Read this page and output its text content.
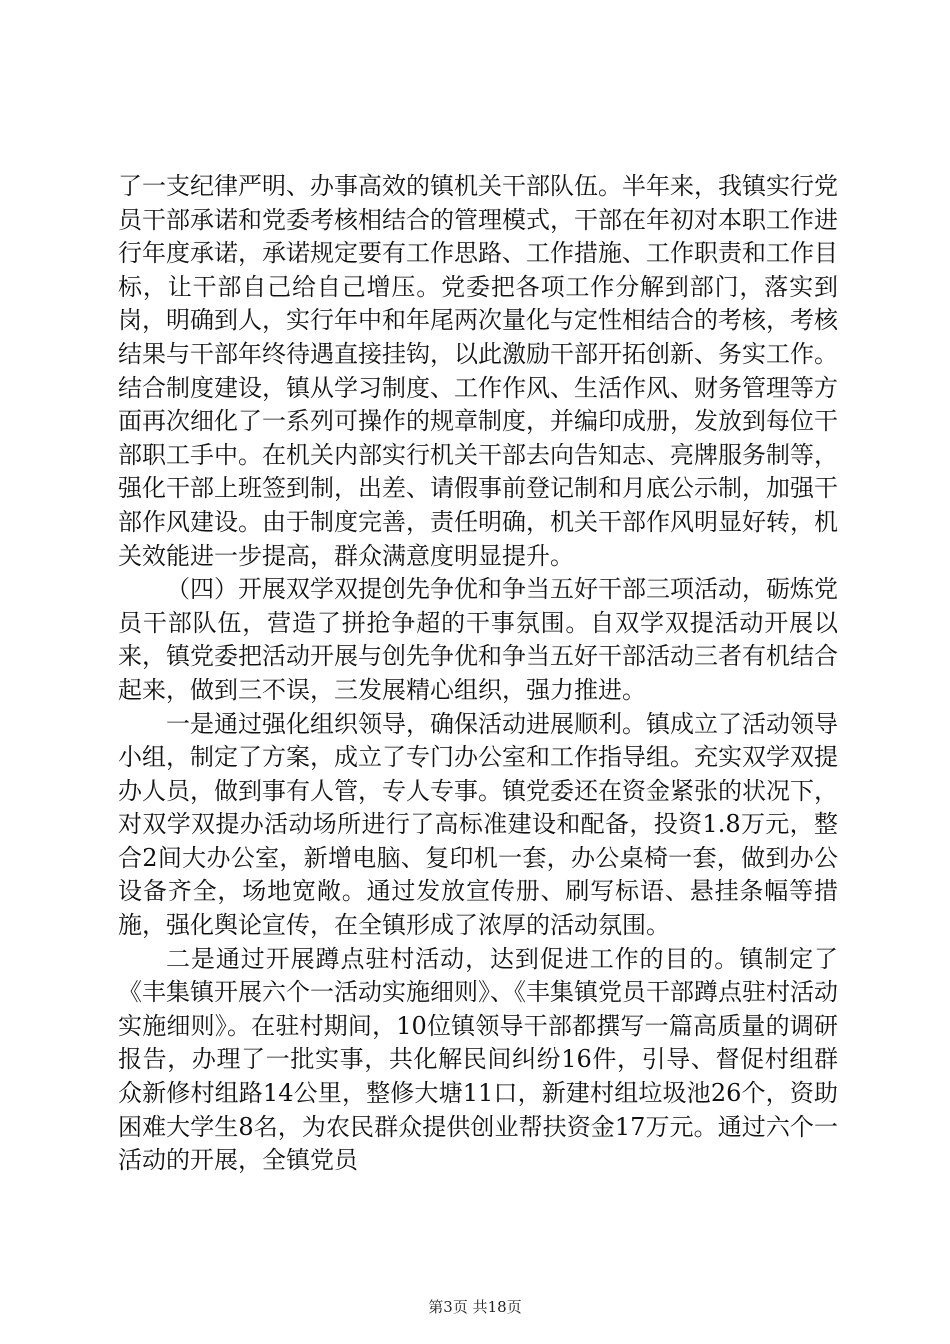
了一支纪律严明、办事高效的镇机关干部队伍。半年来，我镇实行党员干部承诺和党委考核相结合的管理模式，干部在年初对本职工作进行年度承诺，承诺规定要有工作思路、工作措施、工作职责和工作目标，让干部自己给自己增压。党委把各项工作分解到部门，落实到岗，明确到人，实行年中和年尾两次量化与定性相结合的考核，考核结果与干部年终待遇直接挂钩，以此激励干部开拓创新、务实工作。结合制度建设，镇从学习制度、工作作风、生活作风、财务管理等方面再次细化了一系列可操作的规章制度，并编印成册，发放到每位干部职工手中。在机关内部实行机关干部去向告知志、亮牌服务制等，强化干部上班签到制，出差、请假事前登记制和月底公示制，加强干部作风建设。由于制度完善，责任明确，机关干部作风明显好转，机关效能进一步提高，群众满意度明显提升。

（四）开展双学双提创先争优和争当五好干部三项活动，砺炼党员干部队伍，营造了拼抢争超的干事氛围。自双学双提活动开展以来，镇党委把活动开展与创先争优和争当五好干部活动三者有机结合起来，做到三不误，三发展精心组织，强力推进。

一是通过强化组织领导，确保活动进展顺利。镇成立了活动领导小组，制定了方案，成立了专门办公室和工作指导组。充实双学双提办人员，做到事有人管，专人专事。镇党委还在资金紧张的状况下，对双学双提办活动场所进行了高标准建设和配备，投资1.8万元，整合2间大办公室，新增电脑、复印机一套，办公桌椅一套，做到办公设备齐全，场地宽敞。通过发放宣传册、刷写标语、悬挂条幅等措施，强化舆论宣传，在全镇形成了浓厚的活动氛围。

二是通过开展蹲点驻村活动，达到促进工作的目的。镇制定了《丰集镇开展六个一活动实施细则》、《丰集镇党员干部蹲点驻村活动实施细则》。在驻村期间，10位镇领导干部都撰写一篇高质量的调研报告，办理了一批实事，共化解民间纠纷16件，引导、督促村组群众新修村组路14公里，整修大塘11口，新建村组垃圾池26个，资助困难大学生8名，为农民群众提供创业帮扶资金17万元。通过六个一活动的开展，全镇党员

第3页 共18页
